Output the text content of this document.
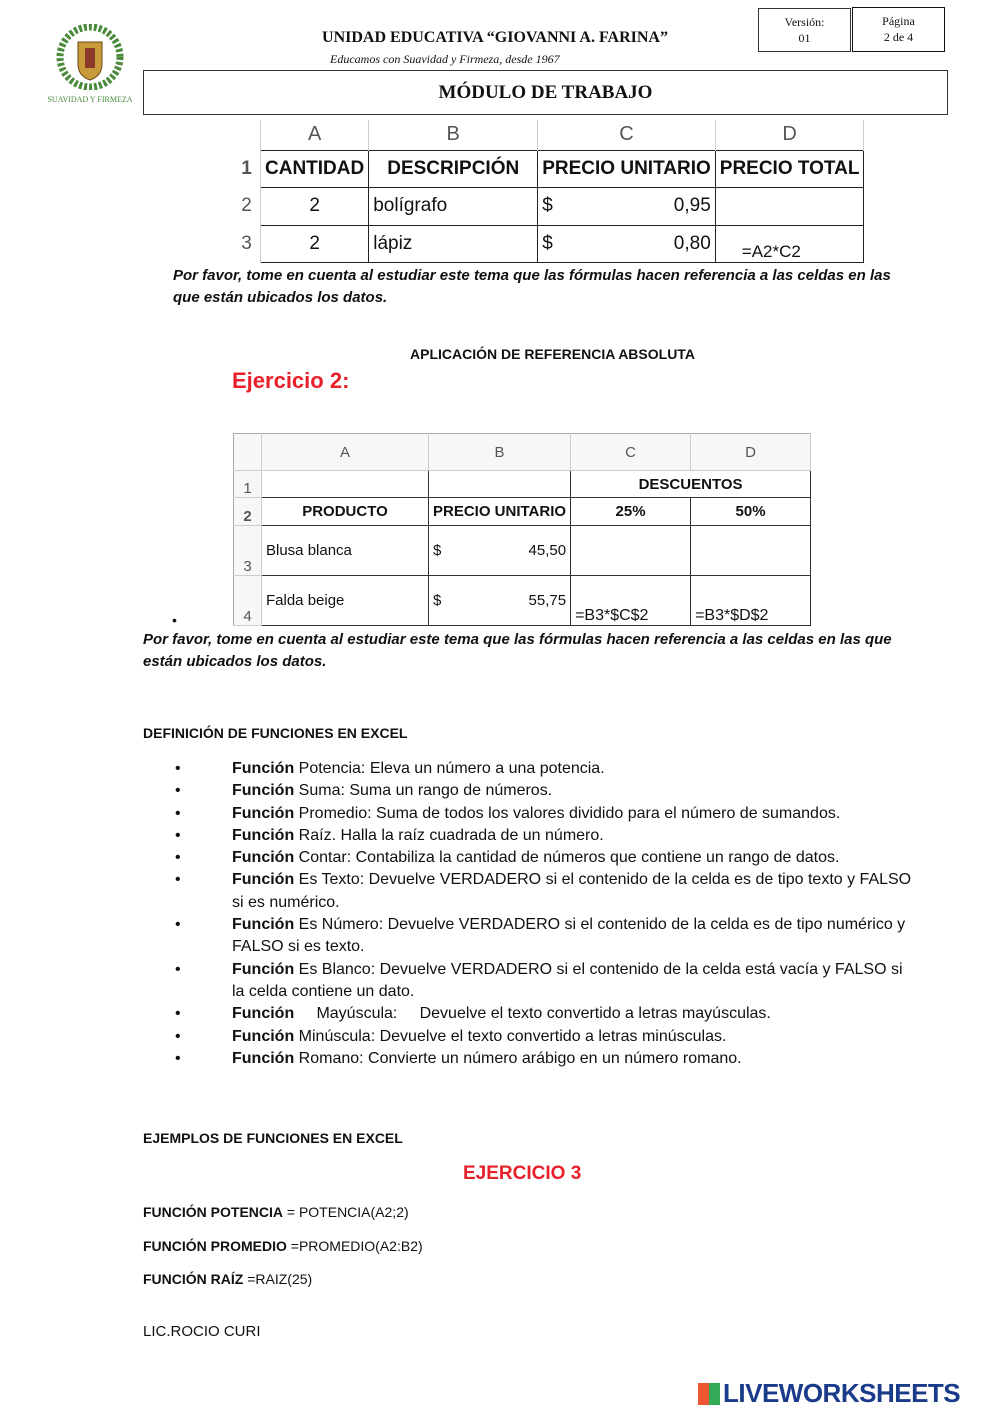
SUAVIDAD Y FIRMEZA
UNIDAD EDUCATIVA “GIOVANNI A. FARINA”
Educamos con Suavidad y Firmeza, desde 1967
Versión:
01
Página
2 de 4
MÓDULO DE TRABAJO
	A	B	C	D
1	CANTIDAD	DESCRIPCIÓN	PRECIO UNITARIO	PRECIO TOTAL
2	2	bolígrafo	$ 0,95	

3	2	lápiz	$ 0,80	=A2*C2
Por favor, tome en cuenta al estudiar este tema que las fórmulas hacen referencia a las celdas en las que están ubicados los datos.
APLICACIÓN DE REFERENCIA ABSOLUTA
Ejercicio 2:
	A	B	C	D
1			DESCUENTOS	
2	PRODUCTO	PRECIO UNITARIO	25%	50%
3	Blusa blanca	$ 45,50		

4	Falda beige	$ 55,75	=B3*$C$2	=B3*$D$2
•
Por favor, tome en cuenta al estudiar este tema que las fórmulas hacen referencia a las celdas en las que están ubicados los datos.
DEFINICIÓN DE FUNCIONES EN EXCEL
• Función Potencia: Eleva un número a una potencia.
• Función Suma: Suma un rango de números.
• Función Promedio: Suma de todos los valores dividido para el número de sumandos.
• Función Raíz. Halla la raíz cuadrada de un número.
• Función Contar: Contabiliza la cantidad de números que contiene un rango de datos.
• Función Es Texto: Devuelve VERDADERO si el contenido de la celda es de tipo texto y FALSO si es numérico.
• Función Es Número: Devuelve VERDADERO si el contenido de la celda es de tipo numérico y FALSO si es texto.
• Función Es Blanco: Devuelve VERDADERO si el contenido de la celda está vacía y FALSO si la celda contiene un dato.
• Función     Mayúscula:     Devuelve el texto convertido a letras mayúsculas.
• Función Minúscula: Devuelve el texto convertido a letras minúsculas.
• Función Romano: Convierte un número arábigo en un número romano.
EJEMPLOS DE FUNCIONES EN EXCEL
EJERCICIO 3
FUNCIÓN POTENCIA = POTENCIA(A2;2)
FUNCIÓN PROMEDIO =PROMEDIO(A2:B2)
FUNCIÓN RAÍZ =RAIZ(25)
LIC.ROCIO CURI
LIVEWORKSHEETS
